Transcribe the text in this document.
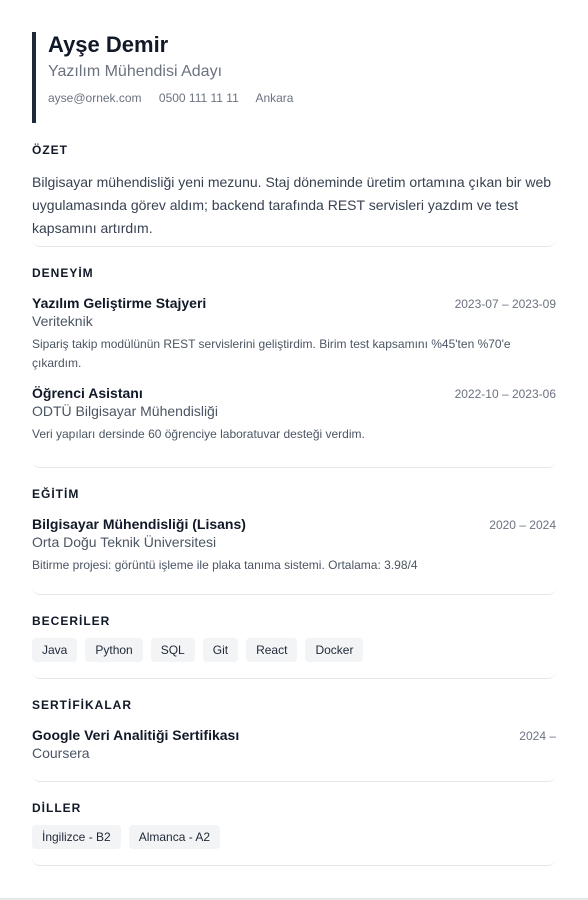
Ayşe Demir
Yazılım Mühendisi Adayı
ayse@ornek.com 0500 111 11 11 Ankara
ÖZET
Bilgisayar mühendisliği yeni mezunu. Staj döneminde üretim ortamına çıkan bir web uygulamasında görev aldım; backend tarafında REST servisleri yazdım ve test kapsamını artırdım.
DENEYİM
Yazılım Geliştirme Stajyeri	2023-07 – 2023-09
Veriteknik
Sipariş takip modülünün REST servislerini geliştirdim. Birim test kapsamını %45'ten %70'e çıkardım.
Öğrenci Asistanı	2022-10 – 2023-06
ODTÜ Bilgisayar Mühendisliği
Veri yapıları dersinde 60 öğrenciye laboratuvar desteği verdim.
EĞİTİM
Bilgisayar Mühendisliği (Lisans)	2020 – 2024
Orta Doğu Teknik Üniversitesi
Bitirme projesi: görüntü işleme ile plaka tanıma sistemi. Ortalama: 3.98/4
BECERİLER
Java	Python	SQL	Git	React	Docker
SERTİFİKALAR
Google Veri Analitiği Sertifikası	2024 –
Coursera
DİLLER
İngilizce - B2	Almanca - A2
